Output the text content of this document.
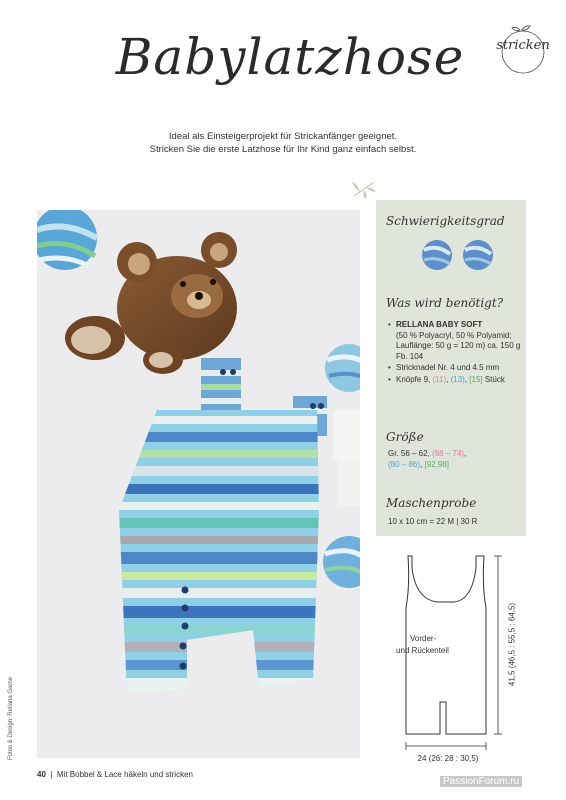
Babylatzhose	stricken
Ideal als Einsteigerprojekt für Strickanfänger geeignet.
Stricken Sie die erste Latzhose für Ihr Kind ganz einfach selbst.
Schwierigkeitsgrad
Was wird benötigt?
• RELLANA BABY SOFT
(50 % Polyacryl, 50 % Polyamid; Lauflänge: 50 g = 120 m) ca. 150 g Fb. 104
• Stricknadel Nr. 4 und 4.5 mm
• Knöpfe 9, (11), (13), [15] Stück
Größe
Gr. 56 – 62, (68 – 74),
(80 – 86), [92,98]
Maschenprobe
10 x 10 cm = 22 M | 30 R
Vorder-
und Rückenteil	41,5 (46,5 : 55,5 : 64,5)
24 (26: 28 : 30,5)
Fotos & Design: Rellana Garne
40 | Mit Bobbel & Lace häkeln und stricken
PassionForum.ru
